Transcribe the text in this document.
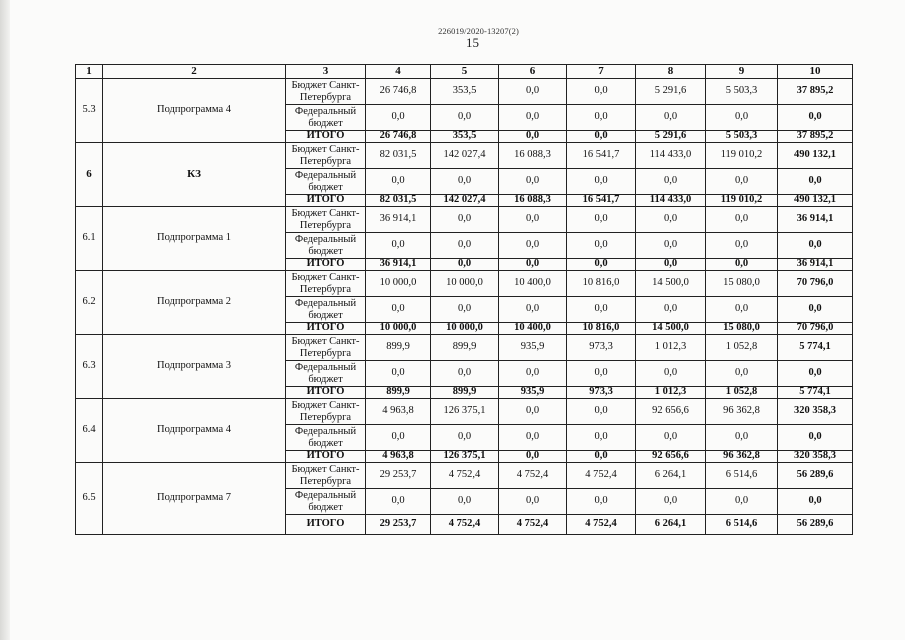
226019/2020-13207(2)
15
1	2	3	4	5	6	7	8	9	10
5.3	Подпрограмма 4	Бюджет Санкт-Петербурга	26 746,8	353,5	0,0	0,0	5 291,6	5 503,3	37 895,2
		Федеральный бюджет	0,0	0,0	0,0	0,0	0,0	0,0	0,0
		ИТОГО	26 746,8	353,5	0,0	0,0	5 291,6	5 503,3	37 895,2
6	КЗ	Бюджет Санкт-Петербурга	82 031,5	142 027,4	16 088,3	16 541,7	114 433,0	119 010,2	490 132,1
		Федеральный бюджет	0,0	0,0	0,0	0,0	0,0	0,0	0,0
		ИТОГО	82 031,5	142 027,4	16 088,3	16 541,7	114 433,0	119 010,2	490 132,1
6.1	Подпрограмма 1	Бюджет Санкт-Петербурга	36 914,1	0,0	0,0	0,0	0,0	0,0	36 914,1
		Федеральный бюджет	0,0	0,0	0,0	0,0	0,0	0,0	0,0
		ИТОГО	36 914,1	0,0	0,0	0,0	0,0	0,0	36 914,1
6.2	Подпрограмма 2	Бюджет Санкт-Петербурга	10 000,0	10 000,0	10 400,0	10 816,0	14 500,0	15 080,0	70 796,0
		Федеральный бюджет	0,0	0,0	0,0	0,0	0,0	0,0	0,0
		ИТОГО	10 000,0	10 000,0	10 400,0	10 816,0	14 500,0	15 080,0	70 796,0
6.3	Подпрограмма 3	Бюджет Санкт-Петербурга	899,9	899,9	935,9	973,3	1 012,3	1 052,8	5 774,1
		Федеральный бюджет	0,0	0,0	0,0	0,0	0,0	0,0	0,0
		ИТОГО	899,9	899,9	935,9	973,3	1 012,3	1 052,8	5 774,1
6.4	Подпрограмма 4	Бюджет Санкт-Петербурга	4 963,8	126 375,1	0,0	0,0	92 656,6	96 362,8	320 358,3
		Федеральный бюджет	0,0	0,0	0,0	0,0	0,0	0,0	0,0
		ИТОГО	4 963,8	126 375,1	0,0	0,0	92 656,6	96 362,8	320 358,3
6.5	Подпрограмма 7	Бюджет Санкт-Петербурга	29 253,7	4 752,4	4 752,4	4 752,4	6 264,1	6 514,6	56 289,6
		Федеральный бюджет	0,0	0,0	0,0	0,0	0,0	0,0	0,0
		ИТОГО	29 253,7	4 752,4	4 752,4	4 752,4	6 264,1	6 514,6	56 289,6
